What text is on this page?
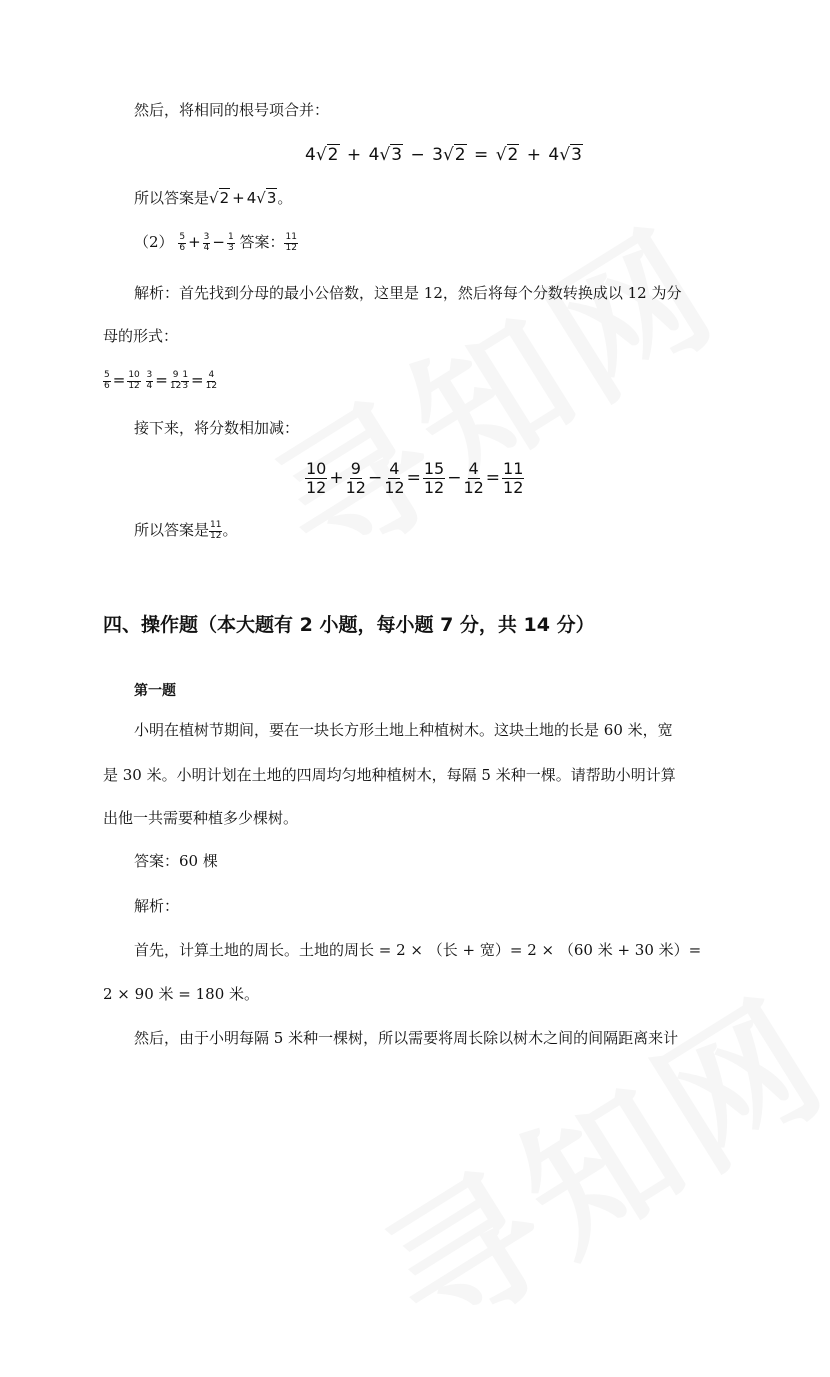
然后，将相同的根号项合并：
4√2 + 4√3 − 3√2 = √2 + 4√3
所以答案是√2 + 4√3。
$(2) \frac{5}{6} + \frac{3}{4} - \frac{1}{3}$ 答案： $\frac{11}{12}$
解析：首先找到分母的最小公倍数，这里是 12，然后将每个分数转换成以 12 为分
母的形式：
$\frac{5}{6} = \frac{10}{12}$
$\frac{3}{4} = \frac{9}{12} \frac{1}{3} = \frac{4}{12}$
接下来，将分数相加减：
$\frac{10}{12} + \frac{9}{12} - \frac{4}{12} = \frac{15}{12} - \frac{4}{12} = \frac{11}{12}$
所以答案是 $\frac{11}{12}$ 。
四、操作题（本大题有 2 小题，每小题 7 分，共 14 分）
第一题
小明在植树节期间，要在一块长方形土地上种植树木。这块土地的长是 60 米，宽
是 30 米。小明计划在土地的四周均匀地种植树木，每隔 5 米种一棵。请帮助小明计算
出他一共需要种植多少棵树。
答案：60 棵
解析：
首先，计算土地的周长。土地的周长 = 2 × （长 + 宽）= 2 × （60 米 + 30 米）=
2 × 90 米 = 180 米。
然后，由于小明每隔 5 米种一棵树，所以需要将周长除以树木之间的间隔距离来计
